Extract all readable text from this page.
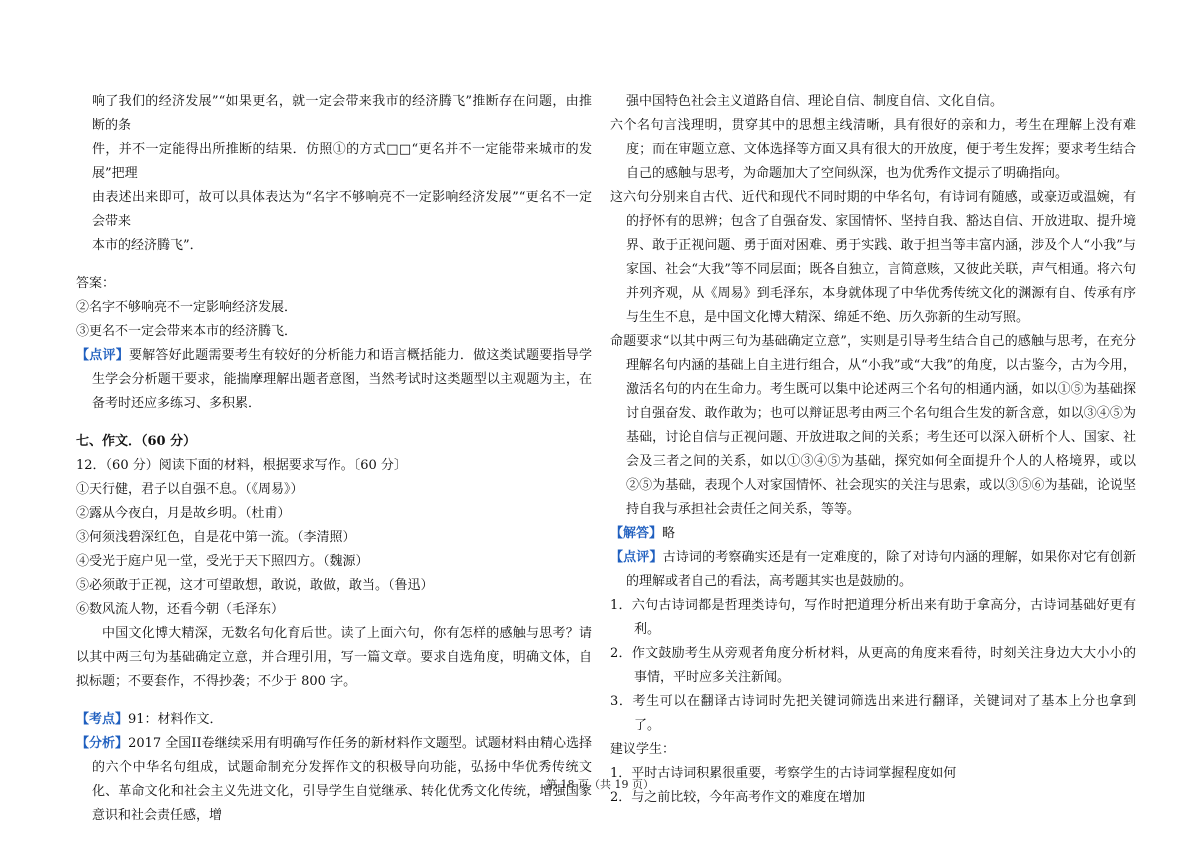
响了我们的经济发展”“如果更名，就一定会带来我市的经济腾飞”推断存在问题，由推断的条

件，并不一定能得出所推断的结果．仿照①的方式□□“更名并不一定能带来城市的发展”把理

由表述出来即可，故可以具体表达为“名字不够响亮不一定影响经济发展”“更名不一定会带来

本市的经济腾飞”．

答案：

②名字不够响亮不一定影响经济发展．

③更名不一定会带来本市的经济腾飞．

【点评】要解答好此题需要考生有较好的分析能力和语言概括能力．做这类试题要指导学生学会分析题干要求，能揣摩理解出题者意图，当然考试时这类题型以主观题为主，在备考时还应多练习、多积累．

七、作文．（60 分）

12．（60 分）阅读下面的材料，根据要求写作。〔60 分〕

①天行健，君子以自强不息。（《周易》）

②露从今夜白，月是故乡明。（杜甫）

③何须浅碧深红色，自是花中第一流。（李清照）

④受光于庭户见一堂，受光于天下照四方。（魏源）

⑤必须敢于正视，这才可望敢想，敢说，敢做，敢当。（鲁迅）

⑥数风流人物，还看今朝（毛泽东）

中国文化博大精深，无数名句化育后世。读了上面六句，你有怎样的感触与思考？请以其中两三句为基础确定立意，并合理引用，写一篇文章。要求自选角度，明确文体，自拟标题；不要套作，不得抄袭；不少于 800 字。

【考点】91：材料作文．

【分析】2017 全国II卷继续采用有明确写作任务的新材料作文题型。试题材料由精心选择的六个中华名句组成，试题命制充分发挥作文的积极导向功能，弘扬中华优秀传统文化、革命文化和社会主义先进文化，引导学生自觉继承、转化优秀文化传统，增强国家意识和社会责任感，增

强中国特色社会主义道路自信、理论自信、制度自信、文化自信。

六个名句言浅理明，贯穿其中的思想主线清晰，具有很好的亲和力，考生在理解上没有难度；而在审题立意、文体选择等方面又具有很大的开放度，便于考生发挥；要求考生结合自己的感触与思考，为命题加大了空间纵深，也为优秀作文提示了明确指向。

这六句分别来自古代、近代和现代不同时期的中华名句，有诗词有随感，或豪迈或温婉，有的抒怀有的思辨；包含了自强奋发、家国情怀、坚持自我、豁达自信、开放进取、提升境界、敢于正视问题、勇于面对困难、勇于实践、敢于担当等丰富内涵，涉及个人“小我”与家国、社会“大我”等不同层面；既各自独立，言简意赅，又彼此关联，声气相通。将六句并列齐观，从《周易》到毛泽东，本身就体现了中华优秀传统文化的渊源有自、传承有序与生生不息，是中国文化博大精深、绵延不绝、历久弥新的生动写照。

命题要求“以其中两三句为基础确定立意”，实则是引导考生结合自己的感触与思考，在充分理解名句内涵的基础上自主进行组合，从“小我”或“大我”的角度，以古鉴今，古为今用，激活名句的内在生命力。考生既可以集中论述两三个名句的相通内涵，如以①⑤为基础探讨自强奋发、敢作敢为；也可以辩证思考由两三个名句组合生发的新含意，如以③④⑤为基础，讨论自信与正视问题、开放进取之间的关系；考生还可以深入研析个人、国家、社会及三者之间的关系，如以①③④⑤为基础，探究如何全面提升个人的人格境界，或以②⑤为基础，表现个人对家国情怀、社会现实的关注与思索，或以③⑤⑥为基础，论说坚持自我与承担社会责任之间关系，等等。

【解答】略

【点评】古诗词的考察确实还是有一定难度的，除了对诗句内涵的理解，如果你对它有创新的理解或者自己的看法，高考题其实也是鼓励的。

1．六句古诗词都是哲理类诗句，写作时把道理分析出来有助于拿高分，古诗词基础好更有利。

2．作文鼓励考生从旁观者角度分析材料，从更高的角度来看待，时刻关注身边大大小小的事情，平时应多关注新闻。

3．考生可以在翻译古诗词时先把关键词筛选出来进行翻译，关键词对了基本上分也拿到了。

建议学生：

1．平时古诗词积累很重要，考察学生的古诗词掌握程度如何

2．与之前比较，今年高考作文的难度在增加

第 18 页（共 19 页）
